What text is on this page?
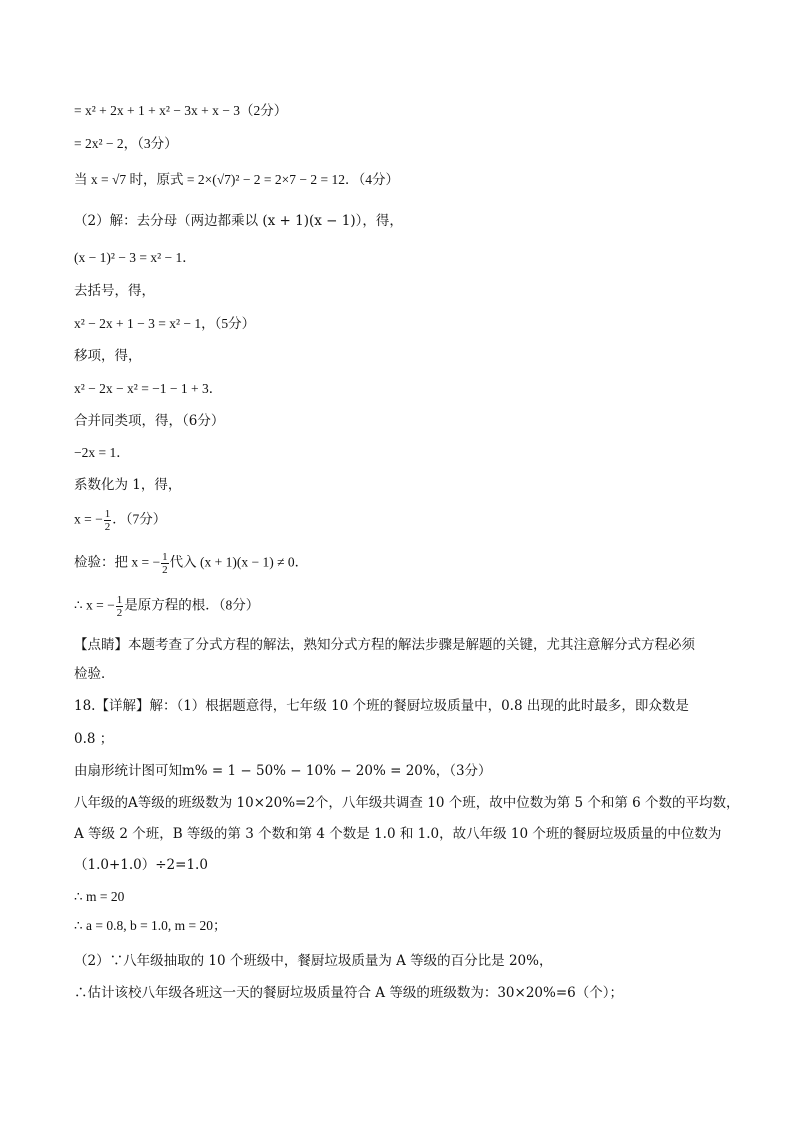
= x² + 2x + 1 + x² − 3x + x − 3（2分）
= 2x² − 2，（3分）
当 x = √7 时，原式 = 2×(√7)² − 2 = 2×7 − 2 = 12．（4分）
（2）解：去分母（两边都乘以 (x + 1)(x − 1)），得，
(x − 1)² − 3 = x² − 1．
去括号，得，
x² − 2x + 1 − 3 = x² − 1，（5分）
移项，得，
x² − 2x − x² = −1 − 1 + 3．
合并同类项，得，（6分）
−2x = 1．
系数化为 1，得，
x = − $\frac{1}{2}$ ．（7分）
检验：把 x = − $\frac{1}{2}$ 代入 (x + 1)(x − 1) ≠ 0．
∴ x = − $\frac{1}{2}$ 是原方程的根．（8分）
【点睛】本题考查了分式方程的解法，熟知分式方程的解法步骤是解题的关键，尤其注意解分式方程必须
检验．
18.【详解】解：（1）根据题意得，七年级 10 个班的餐厨垃圾质量中，0.8 出现的此时最多，即众数是
0.8 ；
由扇形统计图可知m% = 1 − 50% − 10% − 20% = 20%，（3分）
八年级的A等级的班级数为 10×20%=2个，八年级共调查 10 个班，故中位数为第 5 个和第 6 个数的平均数，
A 等级 2 个班，B 等级的第 3 个数和第 4 个数是 1.0 和 1.0，故八年级 10 个班的餐厨垃圾质量的中位数为
（1.0+1.0）÷2=1.0
∴ m = 20
∴ a = 0.8, b = 1.0, m = 20；
（2）∵八年级抽取的 10 个班级中，餐厨垃圾质量为 A 等级的百分比是 20%，
∴估计该校八年级各班这一天的餐厨垃圾质量符合 A 等级的班级数为：30×20%=6（个）；
